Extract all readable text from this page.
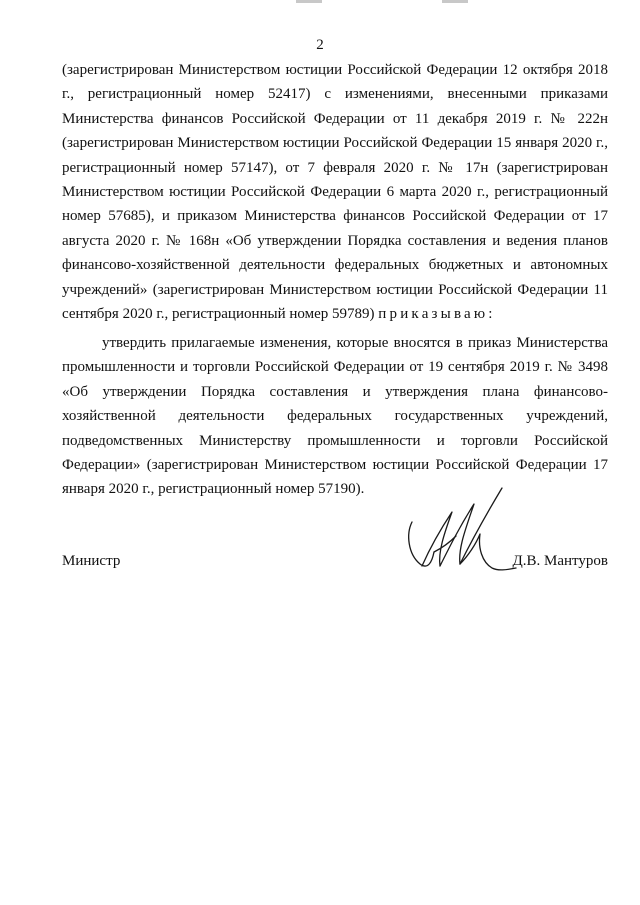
2

(зарегистрирован Министерством юстиции Российской Федерации 12 октября 2018 г., регистрационный номер 52417) с изменениями, внесенными приказами Министерства финансов Российской Федерации от 11 декабря 2019 г. № 222н (зарегистрирован Министерством юстиции Российской Федерации 15 января 2020 г., регистрационный номер 57147), от 7 февраля 2020 г. № 17н (зарегистрирован Министерством юстиции Российской Федерации 6 марта 2020 г., регистрационный номер 57685), и приказом Министерства финансов Российской Федерации от 17 августа 2020 г. № 168н «Об утверждении Порядка составления и ведения планов финансово-хозяйственной деятельности федеральных бюджетных и автономных учреждений» (зарегистрирован Министерством юстиции Российской Федерации 11 сентября 2020 г., регистрационный номер 59789) приказываю:

утвердить прилагаемые изменения, которые вносятся в приказ Министерства промышленности и торговли Российской Федерации от 19 сентября 2019 г. № 3498 «Об утверждении Порядка составления и утверждения плана финансово-хозяйственной деятельности федеральных государственных учреждений, подведомственных Министерству промышленности и торговли Российской Федерации» (зарегистрирован Министерством юстиции Российской Федерации 17 января 2020 г., регистрационный номер 57190).

Министр	Д.В. Мантуров
